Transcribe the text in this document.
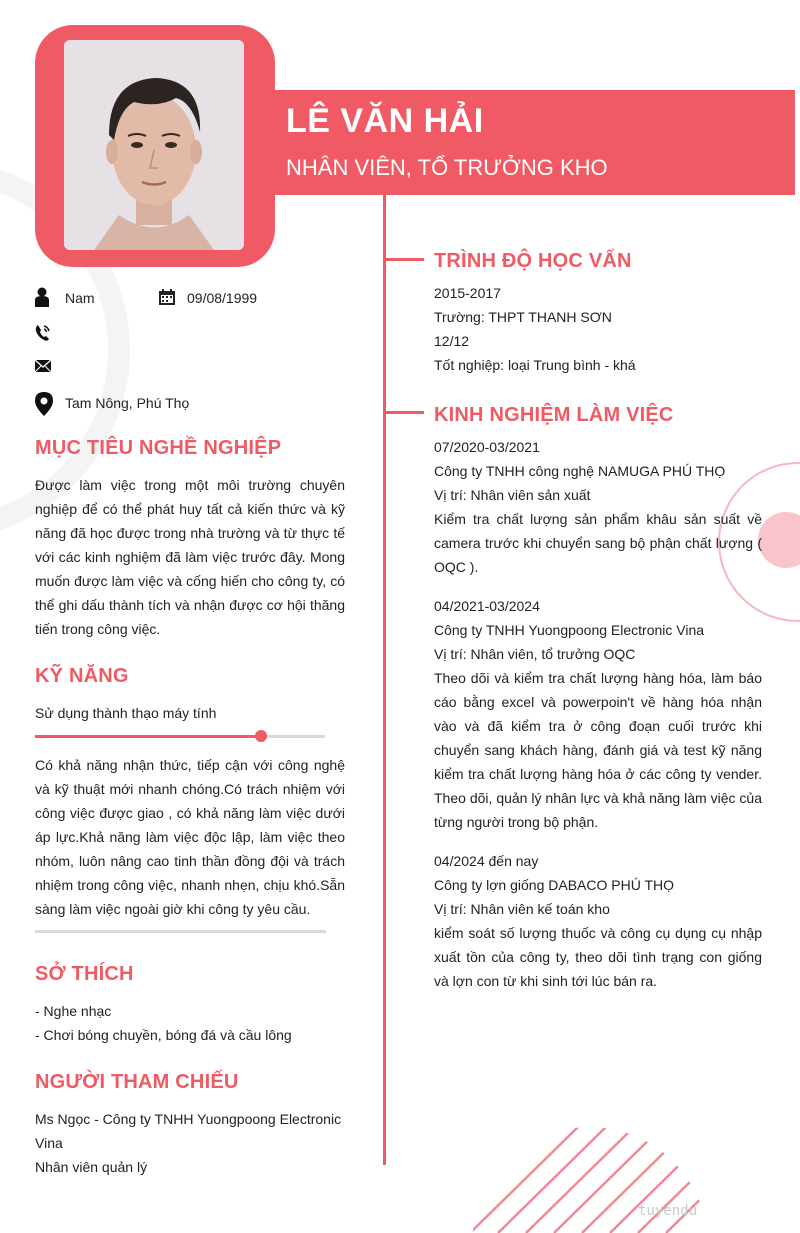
LÊ VĂN HẢI
NHÂN VIÊN, TỔ TRƯỞNG KHO
Nam	09/08/1999
Tam Nông, Phú Thọ
MỤC TIÊU NGHỀ NGHIỆP
Được làm việc trong một môi trường chuyên nghiệp để có thể phát huy tất cả kiến thức và kỹ năng đã học được trong nhà trường và từ thực tế với các kinh nghiệm đã làm việc trước đây. Mong muốn được làm việc và cống hiến cho công ty, có thể ghi dấu thành tích và nhận được cơ hội thăng tiến trong công việc.
KỸ NĂNG
Sử dụng thành thạo máy tính
Có khả năng nhận thức, tiếp cận với công nghệ và kỹ thuật mới nhanh chóng.Có trách nhiệm với công việc được giao , có khả năng làm việc dưới áp lực.Khả năng làm việc độc lập, làm việc theo nhóm, luôn nâng cao tinh thần đồng đội và trách nhiệm trong công việc, nhanh nhẹn, chịu khó.Sẵn sàng làm việc ngoài giờ khi công ty yêu cầu.
SỞ THÍCH
- Nghe nhạc
- Chơi bóng chuyền, bóng đá và cầu lông
NGƯỜI THAM CHIẾU
Ms Ngọc - Công ty TNHH Yuongpoong Electronic Vina
Nhân viên quản lý
TRÌNH ĐỘ HỌC VẤN
2015-2017
Trường: THPT THANH SƠN
12/12
Tốt nghiệp: loại Trung bình - khá
KINH NGHIỆM LÀM VIỆC
07/2020-03/2021
Công ty TNHH công nghệ NAMUGA PHÚ THỌ
Vị trí: Nhân viên sản xuất
Kiểm tra chất lượng sản phẩm khâu sản suất về camera trước khi chuyển sang bộ phận chất lượng ( OQC ).
04/2021-03/2024
Công ty TNHH Yuongpoong Electronic Vina
Vị trí: Nhân viên, tổ trưởng OQC
Theo dõi và kiểm tra chất lượng hàng hóa, làm báo cáo bằng excel và powerpoin't về hàng hóa nhận vào và đã kiểm tra ở công đoạn cuối trước khi chuyển sang khách hàng, đánh giá và test kỹ năng kiểm tra chất lượng hàng hóa ở các công ty vender. Theo dõi, quản lý nhân lực và khả năng làm việc của từng người trong bộ phận.
04/2024 đến nay
Công ty lợn giống DABACO PHÚ THỌ
Vị trí: Nhân viên kế toán kho
kiểm soát số lượng thuốc và công cụ dụng cụ nhập xuất tồn của công ty, theo dõi tình trạng con giống và lợn con từ khi sinh tới lúc bán ra.
tuyendu
